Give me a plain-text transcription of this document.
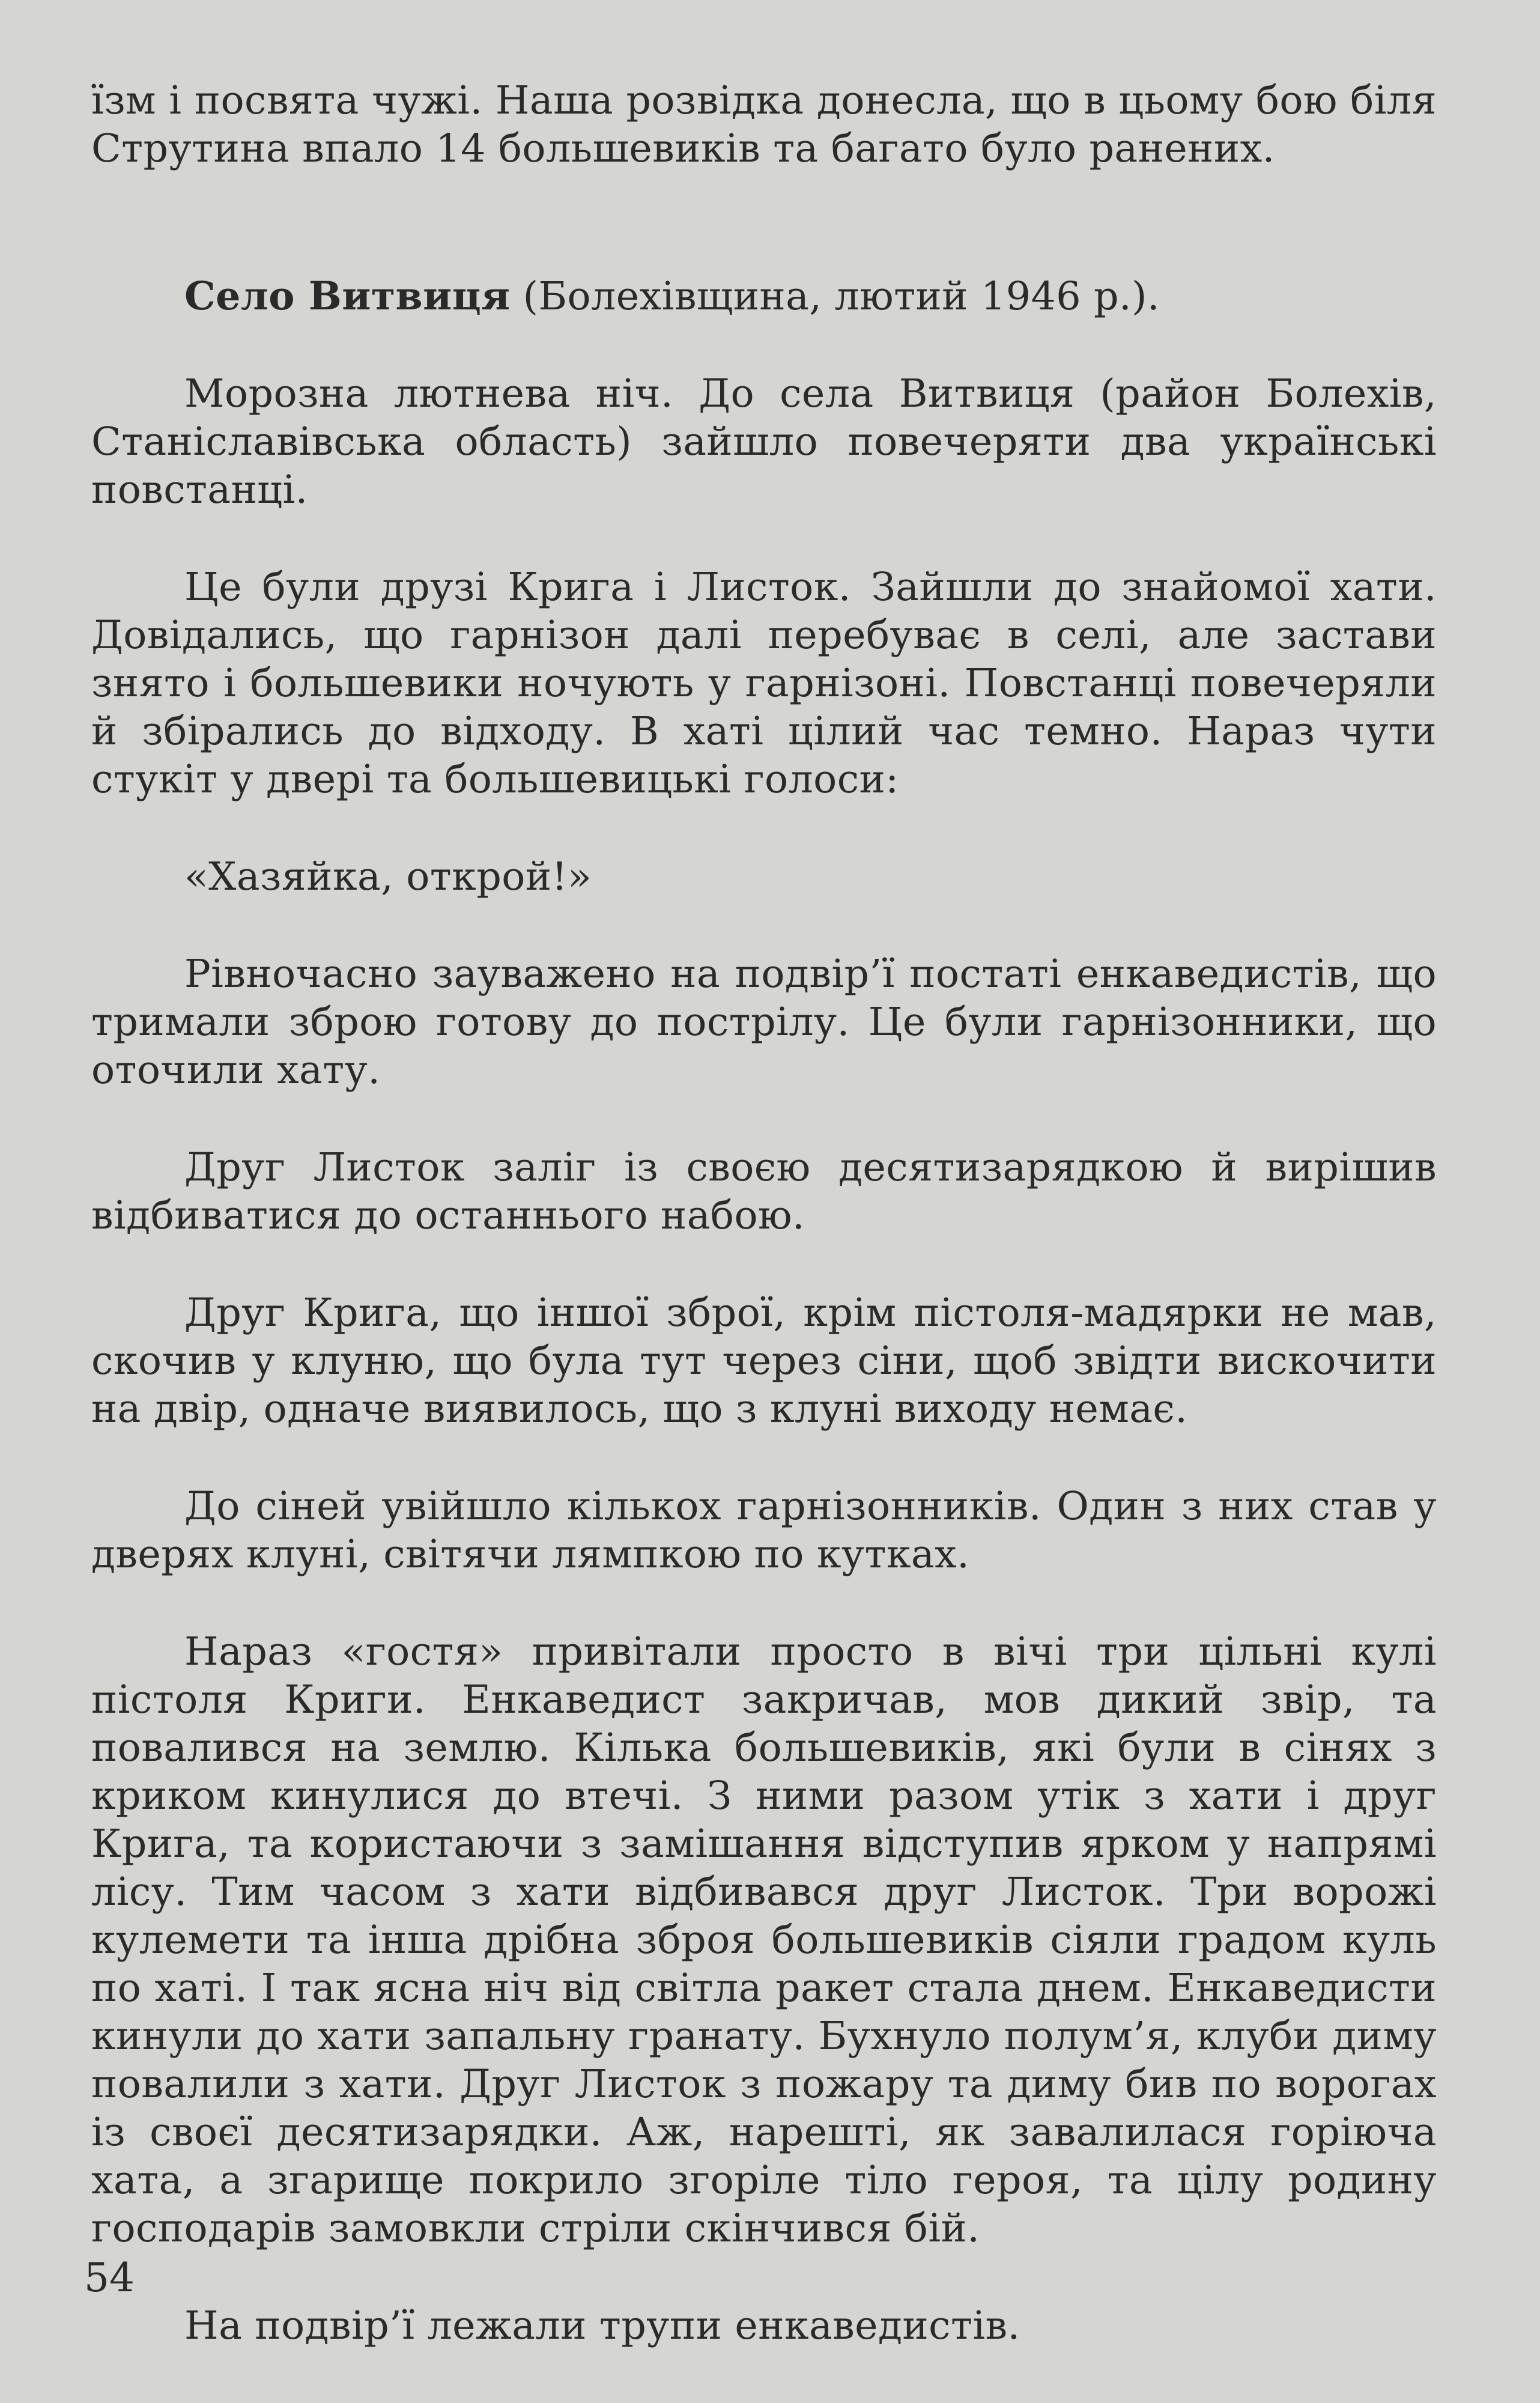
їзм і посвята чужі. Наша розвідка донесла, що в цьому бою біля Струтина впало 14 большевиків та багато було ранених.

Село Витвиця (Болехівщина, лютий 1946 р.).

Морозна лютнева ніч. До села Витвиця (район Болехів, Станіславівська область) зайшло повечеряти два українські повстанці.

Це були друзі Крига і Листок. Зайшли до знайомої хати. Довідались, що гарнізон далі перебуває в селі, але застави знято і большевики ночують у гарнізоні. Повстанці повечеряли й збірались до відходу. В хаті цілий час темно. Нараз чути стукіт у двері та большевицькі голоси:

«Хазяйка, открой!»

Рівночасно зауважено на подвір’ї постаті енкаведистів, що тримали зброю готову до пострілу. Це були гарнізонники, що оточили хату.

Друг Листок заліг із своєю десятизарядкою й вирішив відбиватися до останнього набою.

Друг Крига, що іншої зброї, крім пістоля-мадярки не мав, скочив у клуню, що була тут через сіни, щоб звідти вискочити на двір, одначе виявилось, що з клуні виходу немає.

До сіней увійшло кількох гарнізонників. Один з них став у дверях клуні, світячи лямпкою по кутках.

Нараз «гостя» привітали просто в вічі три цільні кулі пістоля Криги. Енкаведист закричав, мов дикий звір, та повалився на землю. Кілька большевиків, які були в сінях з криком кинулися до втечі. З ними разом утік з хати і друг Крига, та користаючи з замішання відступив ярком у напрямі лісу. Тим часом з хати відбивався друг Листок. Три ворожі кулемети та інша дрібна зброя большевиків сіяли градом куль по хаті. І так ясна ніч від світла ракет стала днем. Енкаведисти кинули до хати запальну гранату. Бухнуло полум’я, клуби диму повалили з хати. Друг Листок з пожару та диму бив по ворогах із своєї десятизарядки. Аж, нарешті, як завалилася горіюча хата, а згарище покрило згоріле тіло героя, та цілу родину господарів замовкли стріли скінчився бій.

На подвір’ї лежали трупи енкаведистів.

54
